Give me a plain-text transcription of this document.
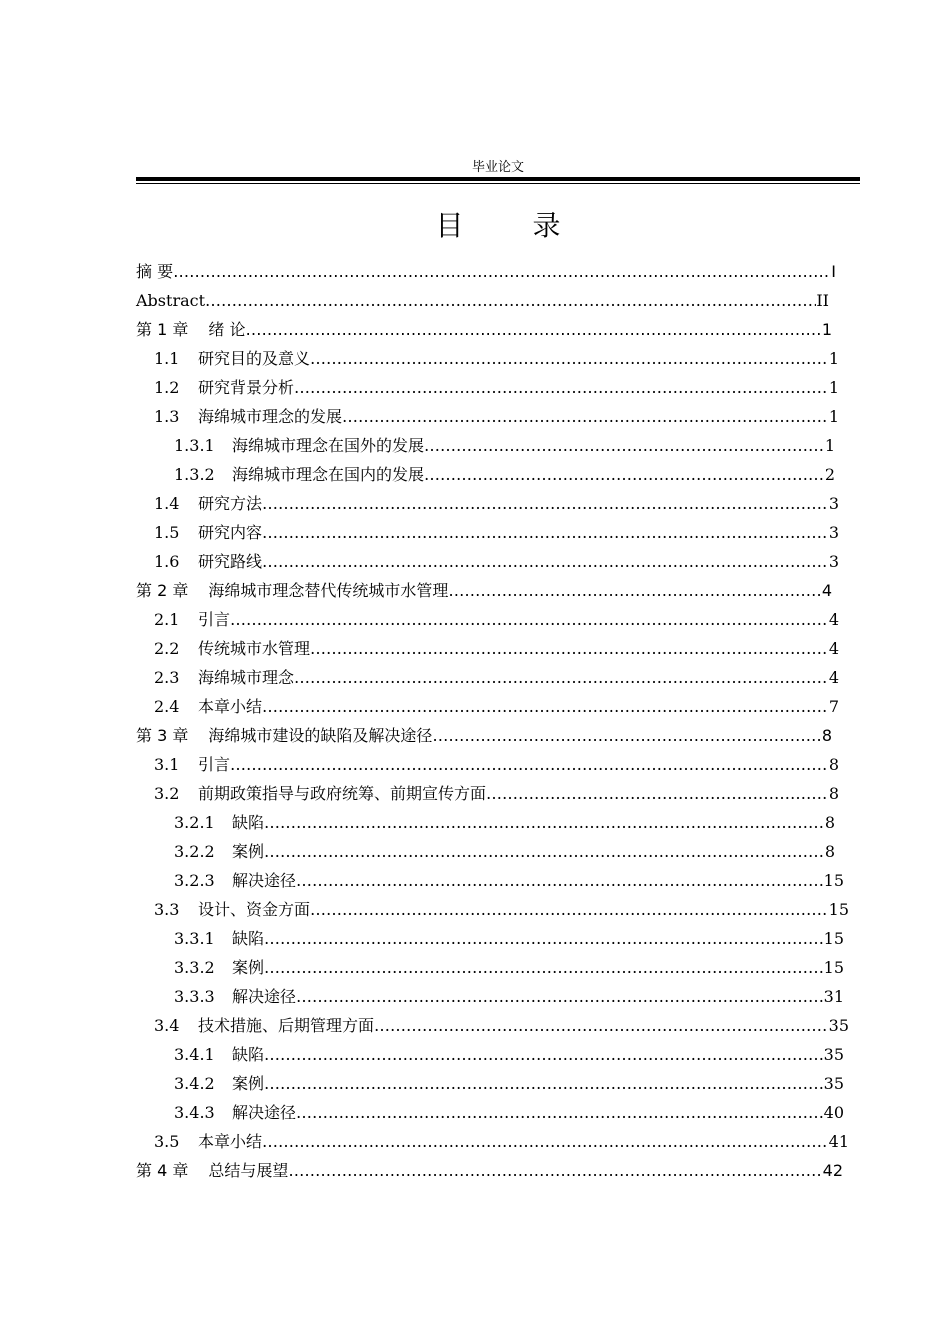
毕业论文
目 录
摘 要 ……………………………………………………………………………………………………………………………………………………………………………………………………………………………	I
Abstract ……………………………………………………………………………………………………………………………………………………………………………………………………………………………	II
第 1 章 绪 论 ……………………………………………………………………………………………………………………………………………………………………………………………………………………………	1
1.1	研究目的及意义 ……………………………………………………………………………………………………………………………………………………………………………………………………………………………	1
1.2	研究背景分析 ……………………………………………………………………………………………………………………………………………………………………………………………………………………………	1
1.3	海绵城市理念的发展 ……………………………………………………………………………………………………………………………………………………………………………………………………………………………	1
1.3.1	海绵城市理念在国外的发展 ……………………………………………………………………………………………………………………………………………………………………………………………………………………………	1
1.3.2	海绵城市理念在国内的发展 ……………………………………………………………………………………………………………………………………………………………………………………………………………………………	2
1.4	研究方法 ……………………………………………………………………………………………………………………………………………………………………………………………………………………………	3
1.5	研究内容 ……………………………………………………………………………………………………………………………………………………………………………………………………………………………	3
1.6	研究路线 ……………………………………………………………………………………………………………………………………………………………………………………………………………………………	3
第 2 章 海绵城市理念替代传统城市水管理 ……………………………………………………………………………………………………………………………………………………………………………………………………………………………	4
2.1	引言 ……………………………………………………………………………………………………………………………………………………………………………………………………………………………	4
2.2	传统城市水管理 ……………………………………………………………………………………………………………………………………………………………………………………………………………………………	4
2.3	海绵城市理念 ……………………………………………………………………………………………………………………………………………………………………………………………………………………………	4
2.4	本章小结 ……………………………………………………………………………………………………………………………………………………………………………………………………………………………	7
第 3 章 海绵城市建设的缺陷及解决途径 ……………………………………………………………………………………………………………………………………………………………………………………………………………………………	8
3.1	引言 ……………………………………………………………………………………………………………………………………………………………………………………………………………………………	8
3.2	前期政策指导与政府统筹、前期宣传方面 ……………………………………………………………………………………………………………………………………………………………………………………………………………………………	8
3.2.1	缺陷 ……………………………………………………………………………………………………………………………………………………………………………………………………………………………	8
3.2.2	案例 ……………………………………………………………………………………………………………………………………………………………………………………………………………………………	8
3.2.3	解决途径 ……………………………………………………………………………………………………………………………………………………………………………………………………………………………	15
3.3	设计、资金方面 ……………………………………………………………………………………………………………………………………………………………………………………………………………………………	15
3.3.1	缺陷 ……………………………………………………………………………………………………………………………………………………………………………………………………………………………	15
3.3.2	案例 ……………………………………………………………………………………………………………………………………………………………………………………………………………………………	15
3.3.3	解决途径 ……………………………………………………………………………………………………………………………………………………………………………………………………………………………	31
3.4	技术措施、后期管理方面 ……………………………………………………………………………………………………………………………………………………………………………………………………………………………	35
3.4.1	缺陷 ……………………………………………………………………………………………………………………………………………………………………………………………………………………………	35
3.4.2	案例 ……………………………………………………………………………………………………………………………………………………………………………………………………………………………	35
3.4.3	解决途径 ……………………………………………………………………………………………………………………………………………………………………………………………………………………………	40
3.5	本章小结 ……………………………………………………………………………………………………………………………………………………………………………………………………………………………	41
第 4 章 总结与展望 ……………………………………………………………………………………………………………………………………………………………………………………………………………………………	42
